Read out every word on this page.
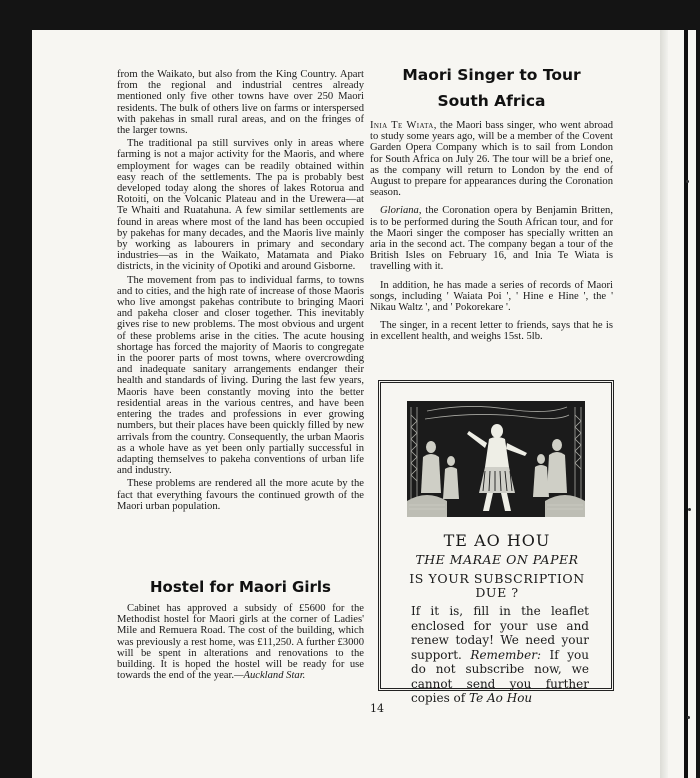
from the Waikato, but also from the King Country. Apart from the regional and industrial centres already mentioned only five other towns have over 250 Maori residents. The bulk of others live on farms or interspersed with pakehas in small rural areas, and on the fringes of the larger towns.

The traditional pa still survives only in areas where farming is not a major activity for the Maoris, and where employment for wages can be readily obtained within easy reach of the settlements. The pa is probably best developed today along the shores of lakes Rotorua and Rotoiti, on the Volcanic Plateau and in the Urewera—at Te Whaiti and Ruatahuna. A few similar settlements are found in areas where most of the land has been occupied by pakehas for many decades, and the Maoris live mainly by working as labourers in primary and secondary industries—as in the Waikato, Matamata and Piako districts, in the vicinity of Opotiki and around Gisborne.

The movement from pas to individual farms, to towns and to cities, and the high rate of increase of those Maoris who live amongst pakehas contribute to bringing Maori and pakeha closer and closer together. This inevitably gives rise to new problems. The most obvious and urgent of these problems arise in the cities. The acute housing shortage has forced the majority of Maoris to congregate in the poorer parts of most towns, where overcrowding and inadequate sanitary arrangements endanger their health and standards of living. During the last few years, Maoris have been constantly moving into the better residential areas in the various centres, and have been entering the trades and professions in ever growing numbers, but their places have been quickly filled by new arrivals from the country. Consequently, the urban Maoris as a whole have as yet been only partially successful in adapting themselves to pakeha conventions of urban life and industry.

These problems are rendered all the more acute by the fact that everything favours the continued growth of the Maori urban population.

Hostel for Maori Girls

Cabinet has approved a subsidy of £5600 for the Methodist hostel for Maori girls at the corner of Ladies' Mile and Remuera Road. The cost of the building, which was previously a rest home, was £11,250. A further £3000 will be spent in alterations and renovations to the building. It is hoped the hostel will be ready for use towards the end of the year.—Auckland Star.

Maori Singer to Tour
South Africa

Inia Te Wiata, the Maori bass singer, who went abroad to study some years ago, will be a member of the Covent Garden Opera Company which is to sail from London for South Africa on July 26. The tour will be a brief one, as the company will return to London by the end of August to prepare for appearances during the Coronation season.

Gloriana, the Coronation opera by Benjamin Britten, is to be performed during the South African tour, and for the Maori singer the composer has specially written an aria in the second act. The company began a tour of the British Isles on February 16, and Inia Te Wiata is travelling with it.

In addition, he has made a series of records of Maori songs, including ' Waiata Poi ', ' Hine e Hine ', the ' Nikau Waltz ', and ' Pokorekare '.

The singer, in a recent letter to friends, says that he is in excellent health, and weighs 15st. 5lb.

TE AO HOU

THE MARAE ON PAPER

IS YOUR SUBSCRIPTION
DUE ?

If it is, fill in the leaflet enclosed for your use and renew today! We need your support. Remember: If you do not subscribe now, we cannot send you further copies of Te Ao Hou

14
